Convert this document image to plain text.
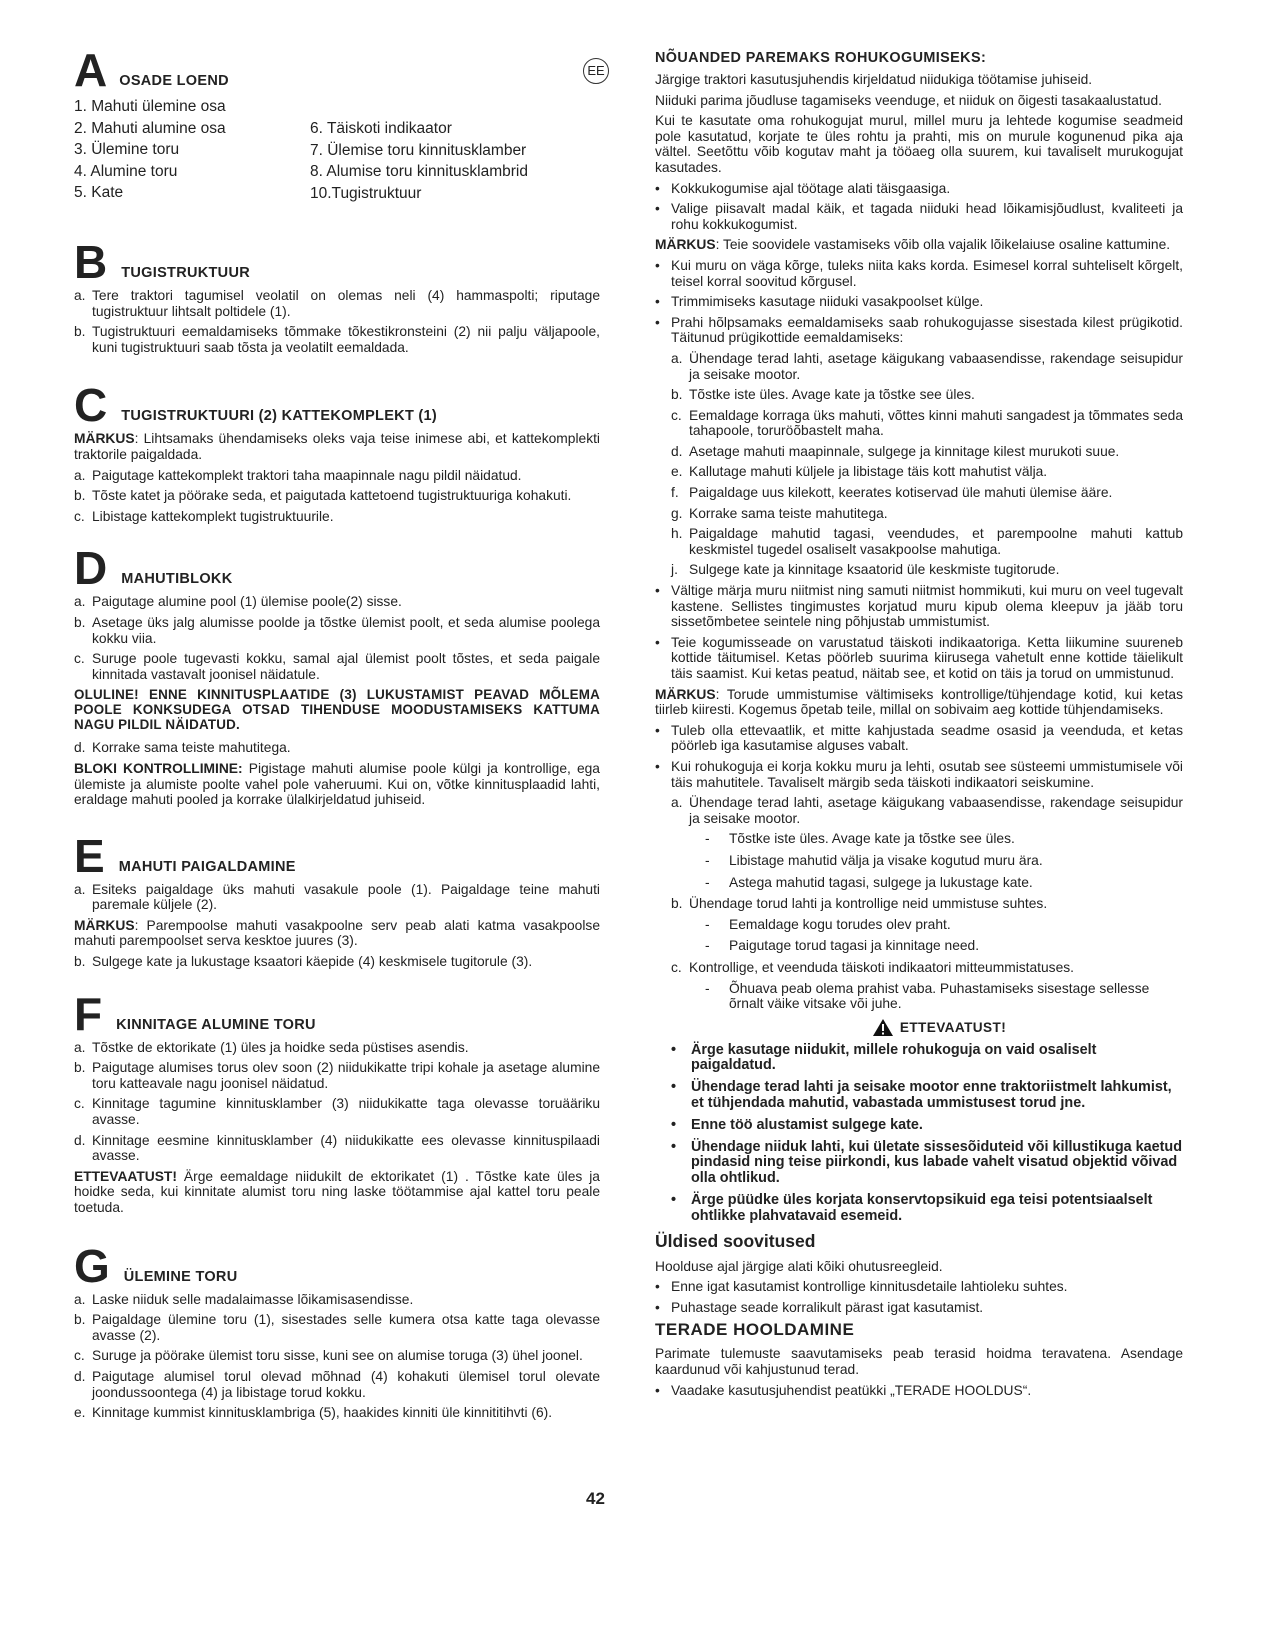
EE
A OSADE LOEND
1. Mahuti ülemine osa
2. Mahuti alumine osa
3. Ülemine toru
4. Alumine toru
5. Kate
6. Täiskoti indikaator
7. Ülemise toru kinnitusklamber
8. Alumise toru kinnitusklambrid
10.Tugistruktuur
B TUGISTRUKTUUR
a. Tere traktori tagumisel veolatil on olemas neli (4) hammaspolti; riputage tugistruktuur lihtsalt poltidele (1).
b. Tugistruktuuri eemaldamiseks tõmmake tõkestikronsteini (2) nii palju väljapoole, kuni tugistruktuuri saab tõsta ja veolatilt eemaldada.
C TUGISTRUKTUURI (2) KATTEKOMPLEKT (1)

MÄRKUS: Lihtsamaks ühendamiseks oleks vaja teise inimese abi, et kattekomplekti traktorile paigaldada.

a. Paigutage kattekomplekt traktori taha maapinnale nagu pildil näidatud.
b. Tõste katet ja pöörake seda, et paigutada kattetoend tugistruktuuriga kohakuti.
c. Libistage kattekomplekt tugistruktuurile.
D MAHUTIBLOKK
a. Paigutage alumine pool (1) ülemise poole(2) sisse.
b. Asetage üks jalg alumisse poolde ja tõstke ülemist poolt, et seda alumise poolega kokku viia.
c. Suruge poole tugevasti kokku, samal ajal ülemist poolt tõstes, et seda paigale kinnitada vastavalt joonisel näidatule.

OLULINE! ENNE KINNITUSPLAATIDE (3) LUKUSTAMIST PEAVAD MÕLEMA POOLE KONKSUDEGA OTSAD TIHENDUSE MOODUSTAMISEKS KATTUMA NAGU PILDIL NÄIDATUD.

d. Korrake sama teiste mahutitega.

BLOKI KONTROLLIMINE: Pigistage mahuti alumise poole külgi ja kontrollige, ega ülemiste ja alumiste poolte vahel pole vaheruumi. Kui on, võtke kinnitusplaadid lahti, eraldage mahuti pooled ja korrake ülalkirjeldatud juhiseid.

E MAHUTI PAIGALDAMINE
a. Esiteks paigaldage üks mahuti vasakule poole (1). Paigaldage teine mahuti paremale küljele (2).

MÄRKUS: Parempoolse mahuti vasakpoolne serv peab alati katma vasakpoolse mahuti parempoolset serva kesktoe juures (3).

b. Sulgege kate ja lukustage ksaatori käepide (4) keskmisele tugitorule (3).
F KINNITAGE ALUMINE TORU
a. Tõstke de ektorikate (1) üles ja hoidke seda püstises asendis.
b. Paigutage alumises torus olev soon (2) niidukikatte tripi kohale ja asetage alumine toru katteavale nagu joonisel näidatud.
c. Kinnitage tagumine kinnitusklamber (3) niidukikatte taga olevasse toruääriku avasse.
d. Kinnitage eesmine kinnitusklamber (4) niidukikatte ees olevasse kinnituspilaadi avasse.

ETTEVAATUST! Ärge eemaldage niidukilt de ektorikatet (1) . Tõstke kate üles ja hoidke seda, kui kinnitate alumist toru ning laske töötammise ajal kattel toru peale toetuda.

G ÜLEMINE TORU
a. Laske niiduk selle madalaimasse lõikamisasendisse.
b. Paigaldage ülemine toru (1), sisestades selle kumera otsa katte taga olevasse avasse (2).
c. Suruge ja pöörake ülemist toru sisse, kuni see on alumise toruga (3) ühel joonel.
d. Paigutage alumisel torul olevad mõhnad (4) kohakuti ülemisel torul olevate joondussoontega (4) ja libistage torud kokku.
e. Kinnitage kummist kinnitusklambriga (5), haakides kinniti üle kinnititihvti (6).
NÕUANDED PAREMAKS ROHUKOGUMISEKS:

Järgige traktori kasutusjuhendis kirjeldatud niidukiga töötamise juhiseid.

Niiduki parima jõudluse tagamiseks veenduge, et niiduk on õigesti tasakaalustatud.

Kui te kasutate oma rohukogujat murul, millel muru ja lehtede kogumise seadmeid pole kasutatud, korjate te üles rohtu ja prahti, mis on murule kogunenud pika aja vältel. Seetõttu võib kogutav maht ja tööaeg olla suurem, kui tavaliselt murukogujat kasutades.

• Kokkukogumise ajal töötage alati täisgaasiga.
• Valige piisavalt madal käik, et tagada niiduki head lõikamisjõudlust, kvaliteeti ja rohu kokkukogumist.

MÄRKUS: Teie soovidele vastamiseks võib olla vajalik lõikelaiuse osaline kattumine.

• Kui muru on väga kõrge, tuleks niita kaks korda. Esimesel korral suhteliselt kõrgelt, teisel korral soovitud kõrgusel.
• Trimmimiseks kasutage niiduki vasakpoolset külge.
• Prahi hõlpsamaks eemaldamiseks saab rohukogujasse sisestada kilest prügikotid. Täitunud prügikottide eemaldamiseks:
a. Ühendage terad lahti, asetage käigukang vabaasendisse, rakendage seisupidur ja seisake mootor.
b. Tõstke iste üles. Avage kate ja tõstke see üles.
c. Eemaldage korraga üks mahuti, võttes kinni mahuti sangadest ja tõmmates seda tahapoole, toruröõbastelt maha.
d. Asetage mahuti maapinnale, sulgege ja kinnitage kilest murukoti suue.
e. Kallutage mahuti küljele ja libistage täis kott mahutist välja.
f. Paigaldage uus kilekott, keerates kotiservad üle mahuti ülemise ääre.
g. Korrake sama teiste mahutitega.
h. Paigaldage mahutid tagasi, veendudes, et parempoolne mahuti kattub keskmistel tugedel osaliselt vasakpoolse mahutiga.
j. Sulgege kate ja kinnitage ksaatorid üle keskmiste tugitorude.
• Vältige märja muru niitmist ning samuti niitmist hommikuti, kui muru on veel tugevalt kastene. Sellistes tingimustes korjatud muru kipub olema kleepuv ja jääb toru sissetõmbetee seintele ning põhjustab ummistumist.
• Teie kogumisseade on varustatud täiskoti indikaatoriga. Ketta liikumine suureneb kottide täitumisel. Ketas pöörleb suurima kiirusega vahetult enne kottide täielikult täis saamist. Kui ketas peatud, näitab see, et kotid on täis ja torud on ummistunud.

MÄRKUS: Torude ummistumise vältimiseks kontrollige/tühjendage kotid, kui ketas tiirleb kiiresti. Kogemus õpetab teile, millal on sobivaim aeg kottide tühjendamiseks.

• Tuleb olla ettevaatlik, et mitte kahjustada seadme osasid ja veenduda, et ketas pöörleb iga kasutamise alguses vabalt.
• Kui rohukoguja ei korja kokku muru ja lehti, osutab see süsteemi ummistumisele või täis mahutitele. Tavaliselt märgib seda täiskoti indikaatori seiskumine.
a. Ühendage terad lahti, asetage käigukang vabaasendisse, rakendage seisupidur ja seisake mootor.
-	Tõstke iste üles. Avage kate ja tõstke see üles.
-	Libistage mahutid välja ja visake kogutud muru ära.
-	Astega mahutid tagasi, sulgege ja lukustage kate.
b. Ühendage torud lahti ja kontrollige neid ummistuse suhtes.
-	Eemaldage kogu torudes olev praht.
-	Paigutage torud tagasi ja kinnitage need.
c. Kontrollige, et veenduda täiskoti indikaatori mitteummistatuses.
-	Õhuava peab olema prahist vaba. Puhastamiseks sisestage sellesse õrnalt väike vitsake või juhe.
ETTEVAATUST!
•	Ärge kasutage niidukit, millele rohukoguja on vaid osaliselt paigaldatud.
•	Ühendage terad lahti ja seisake mootor enne traktoriistmelt lahkumist, et tühjendada mahutid, vabastada ummistusest torud jne.
•	Enne töö alustamist sulgege kate.
•	Ühendage niiduk lahti, kui ületate sissesõiduteid või killustikuga kaetud pindasid ning teise piirkondi, kus labade vahelt visatud objektid võivad olla ohtlikud.
•	Ärge püüdke üles korjata konservtopsikuid ega teisi potentsiaalselt ohtlikke plahvatavaid esemeid.
Üldised soovitused

Hoolduse ajal järgige alati kõiki ohutusreegleid.

• Enne igat kasutamist kontrollige kinnitusdetaile lahtioleku suhtes.
• Puhastage seade korralikult pärast igat kasutamist.
TERADE HOOLDAMINE

Parimate tulemuste saavutamiseks peab terasid hoidma teravatena. Asendage kaardunud või kahjustunud terad.

• Vaadake kasutusjuhendist peatükki „TERADE HOOLDUS“.
42
